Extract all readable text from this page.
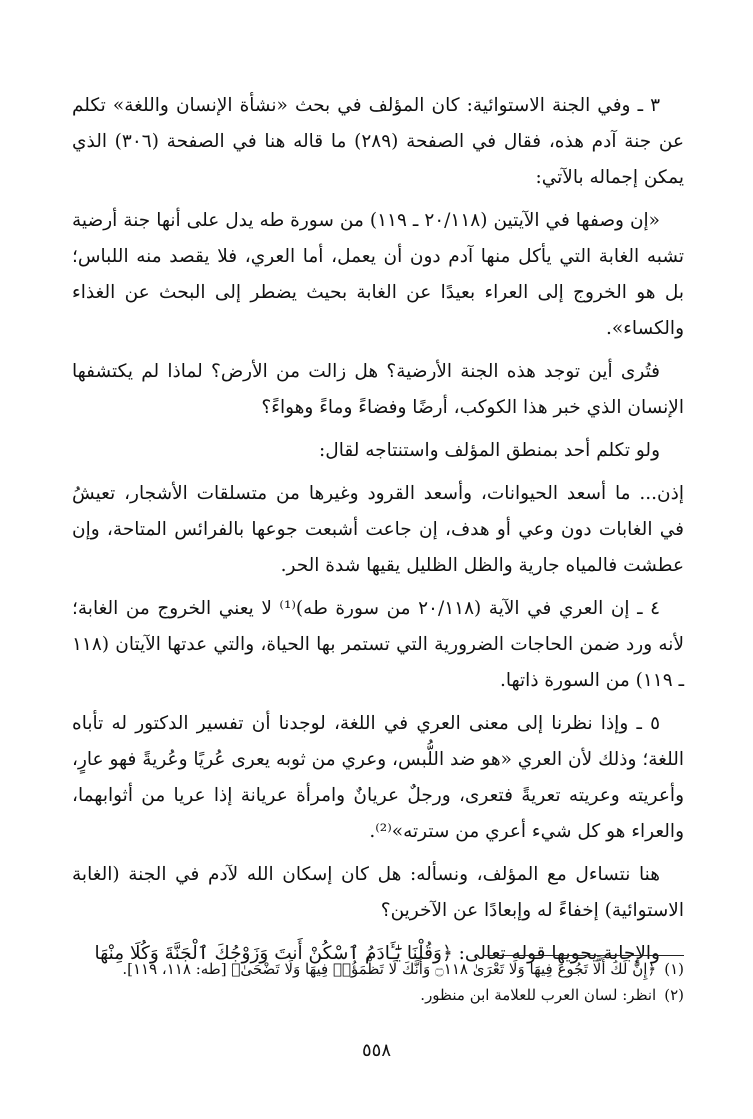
٣ ـ وفي الجنة الاستوائية: كان المؤلف في بحث «نشأة الإنسان واللغة» تكلم عن جنة آدم هذه، فقال في الصفحة (٢٨٩) ما قاله هنا في الصفحة (٣٠٦) الذي يمكن إجماله بالآتي:

«إن وصفها في الآيتين (٢٠/١١٨ ـ ١١٩) من سورة طه يدل على أنها جنة أرضية تشبه الغابة التي يأكل منها آدم دون أن يعمل، أما العري، فلا يقصد منه اللباس؛ بل هو الخروج إلى العراء بعيدًا عن الغابة بحيث يضطر إلى البحث عن الغذاء والكساء».

فتُرى أين توجد هذه الجنة الأرضية؟ هل زالت من الأرض؟ لماذا لم يكتشفها الإنسان الذي خبر هذا الكوكب، أرضًا وفضاءً وماءً وهواءً؟

ولو تكلم أحد بمنطق المؤلف واستنتاجه لقال:

إذن... ما أسعد الحيوانات، وأسعد القرود وغيرها من متسلقات الأشجار، تعيشُ في الغابات دون وعي أو هدف، إن جاعت أشبعت جوعها بالفرائس المتاحة، وإن عطشت فالمياه جارية والظل الظليل يقيها شدة الحر.

٤ ـ إن العري في الآية (٢٠/١١٨ من سورة طه)⁽¹⁾ لا يعني الخروج من الغابة؛ لأنه ورد ضمن الحاجات الضرورية التي تستمر بها الحياة، والتي عدتها الآيتان (١١٨ ـ ١١٩) من السورة ذاتها.

٥ ـ وإذا نظرنا إلى معنى العري في اللغة، لوجدنا أن تفسير الدكتور له تأباه اللغة؛ وذلك لأن العري «هو ضد اللُّبس، وعري من ثوبه يعرى عُريًا وعُريةً فهو عارٍ، وأعريته وعريته تعريةً فتعرى، ورجلٌ عريانٌ وامرأة عريانة إذا عريا من أثوابهما، والعراء هو كل شيء أعري من سترته»⁽²⁾.

هنا نتساءل مع المؤلف، ونسأله: هل كان إسكان الله لآدم في الجنة (الغابة الاستوائية) إخفاءً له وإبعادًا عن الآخرين؟

والإجابة يحويها قوله تعالى: ﴿وَقُلْنَا يَٰٓـَٔادَمُ ٱسْكُنْ أَنتَ وَزَوْجُكَ ٱلْجَنَّةَ وَكُلَا مِنْهَا

(١)﴿إِنَّ لَكَ أَلَّا تَجُوعَ فِيهَا وَلَا تَعْرَىٰ ۝١١٨ وَأَنَّكَ لَا تَظْمَؤُا۟ فِيهَا وَلَا تَضْحَىٰ﴾ [طه: ١١٨، ١١٩].

(٢)انظر: لسان العرب للعلامة ابن منظور.

٥٥٨
